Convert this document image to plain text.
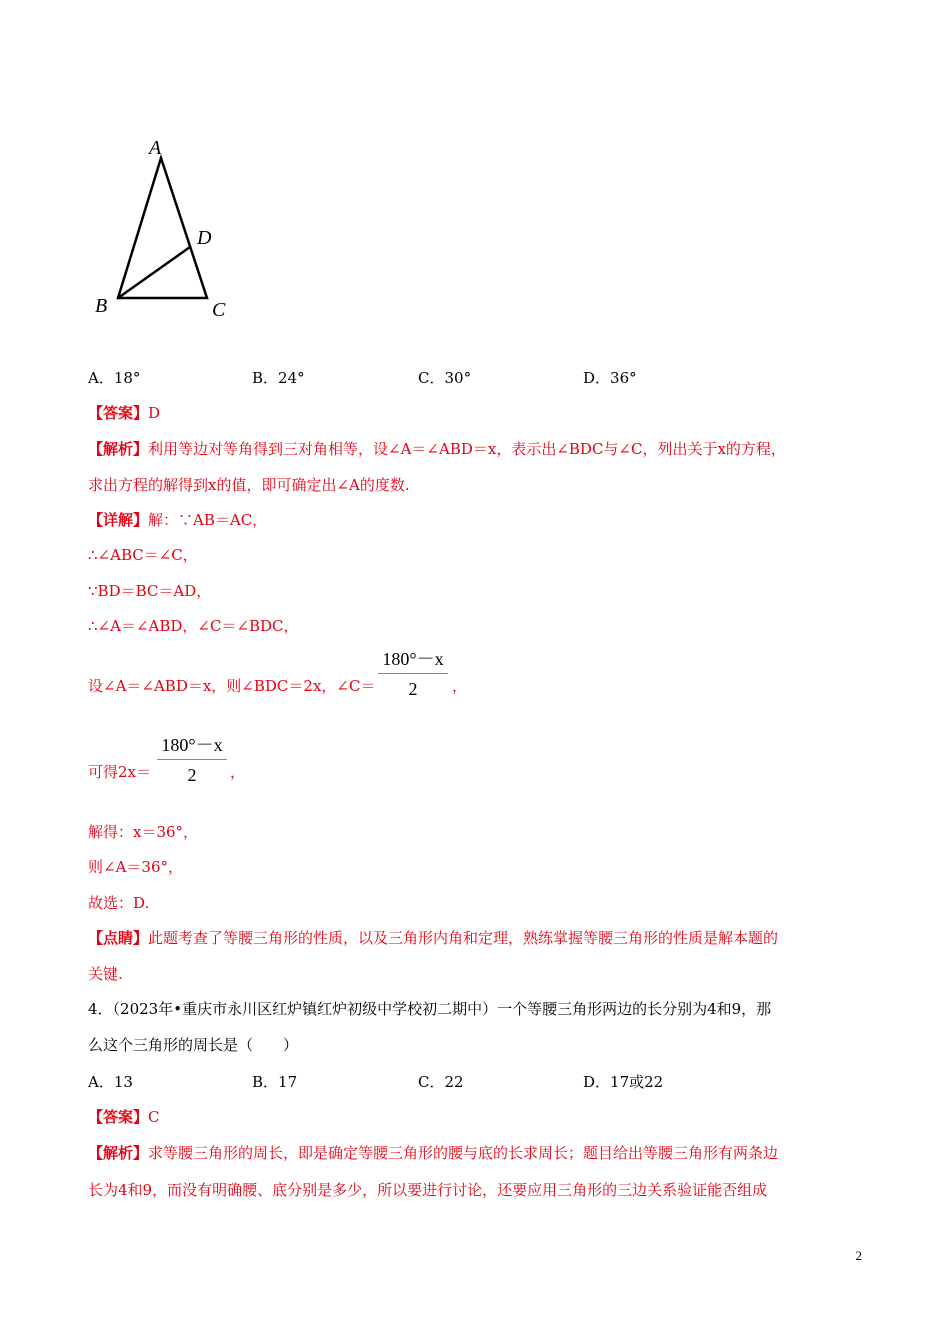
A
D
B	C
A．18°	B．24°	C．30°	D．36°
【答案】D
【解析】利用等边对等角得到三对角相等，设∠A＝∠ABD＝x，表示出∠BDC与∠C，列出关于x的方程，
求出方程的解得到x的值，即可确定出∠A的度数.
【详解】解：∵AB＝AC，
∴∠ABC＝∠C，
∵BD＝BC＝AD，
∴∠A＝∠ABD，∠C＝∠BDC，
设∠A＝∠ABD＝x，则∠BDC＝2x，∠C＝
180°－x
2	，
可得2x＝
180°－x
2	，
解得：x＝36°，
则∠A＝36°，
故选：D.
【点睛】此题考查了等腰三角形的性质，以及三角形内角和定理，熟练掌握等腰三角形的性质是解本题的
关键.
4．（2023年•重庆市永川区红炉镇红炉初级中学校初二期中）一个等腰三角形两边的长分别为4和9，那
么这个三角形的周长是（　　）
A．13	B．17	C．22	D．17或22
【答案】C
【解析】求等腰三角形的周长，即是确定等腰三角形的腰与底的长求周长；题目给出等腰三角形有两条边
长为4和9，而没有明确腰、底分别是多少，所以要进行讨论，还要应用三角形的三边关系验证能否组成
2
